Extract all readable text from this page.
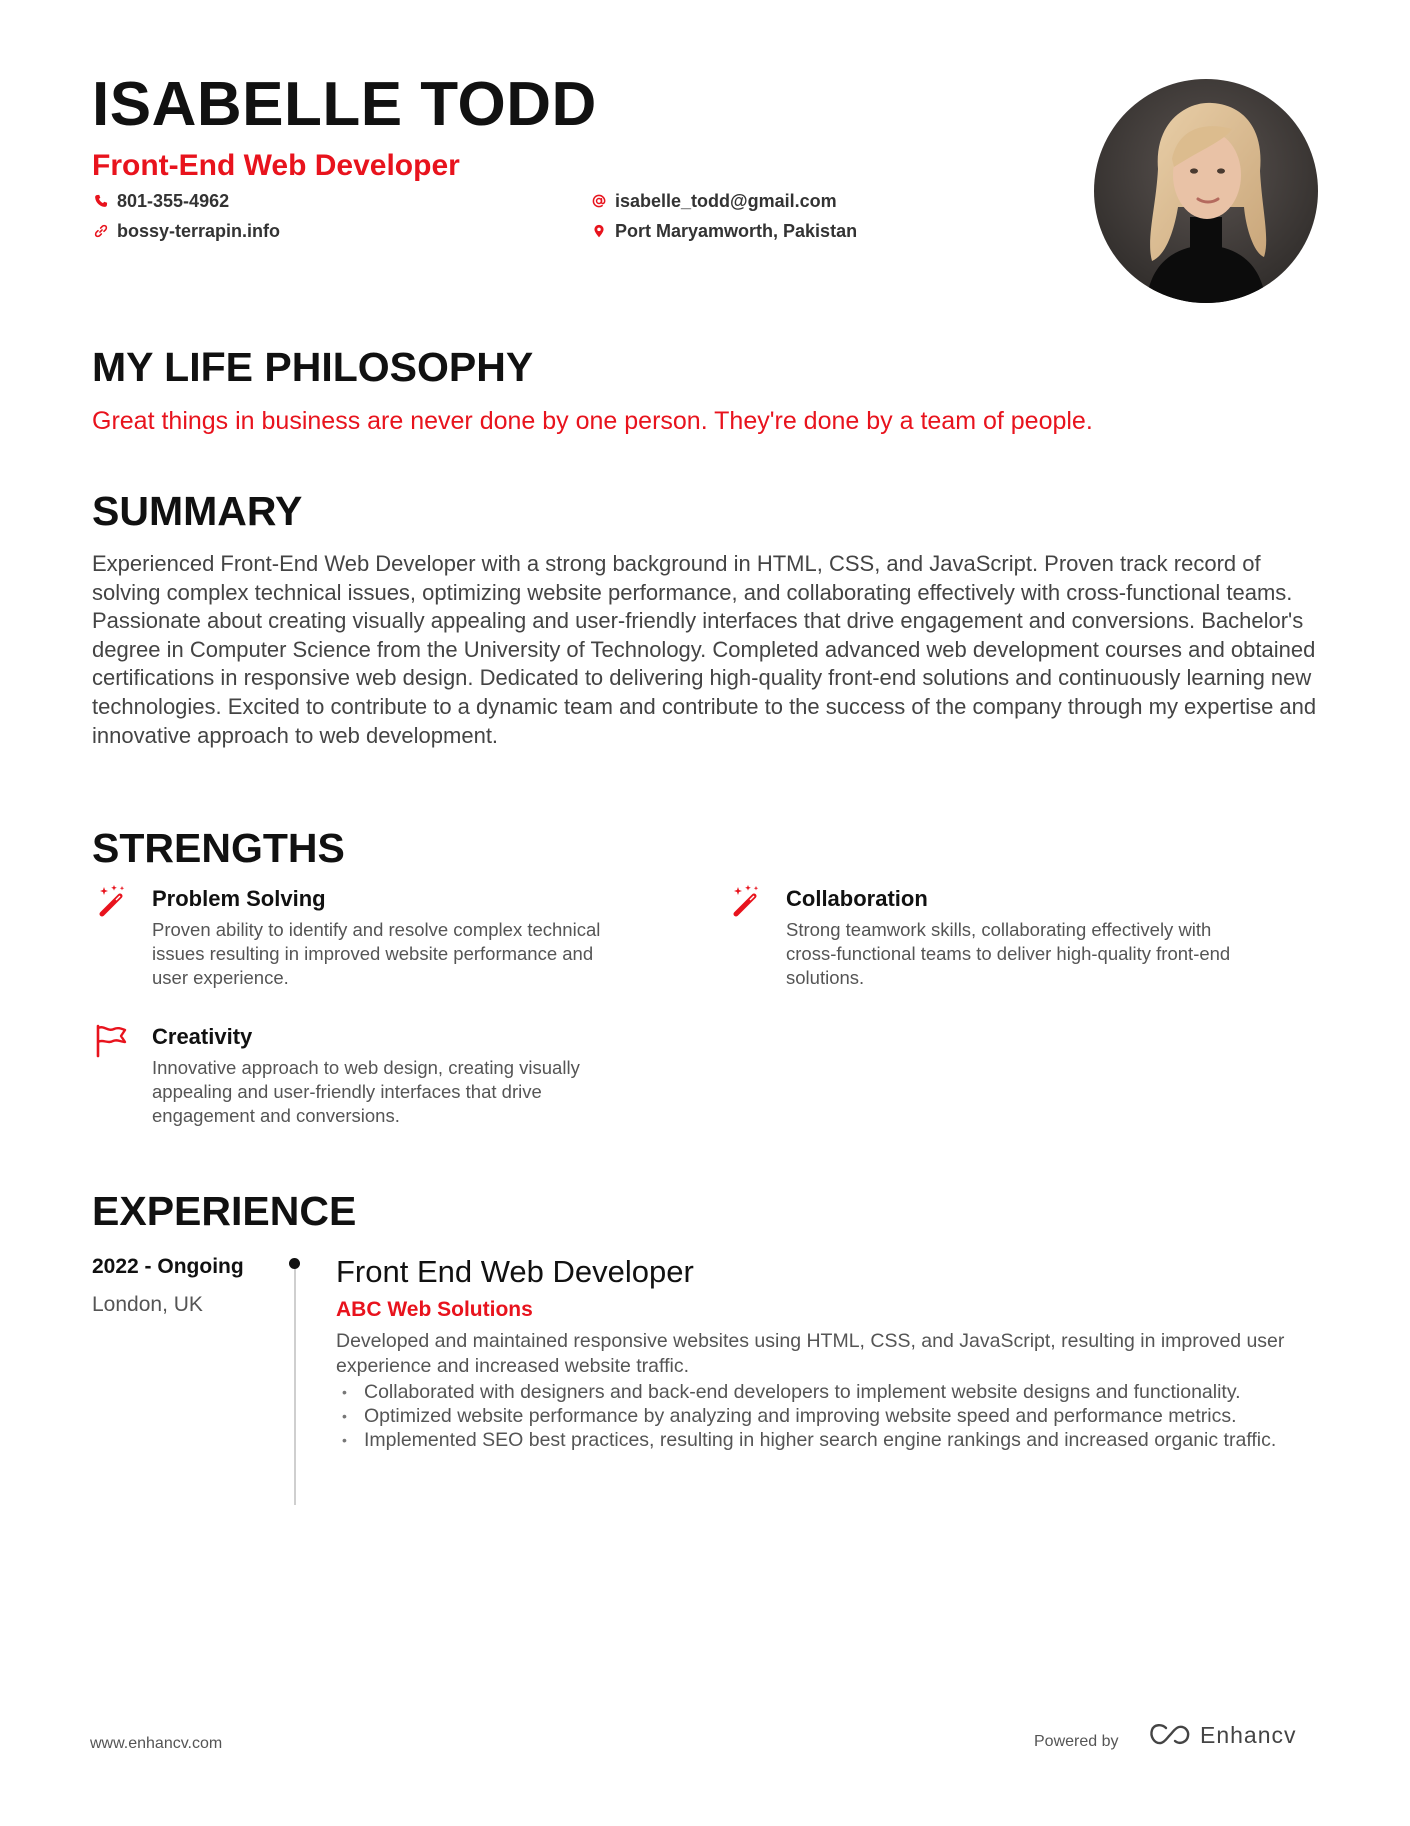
ISABELLE TODD
Front-End Web Developer
801-355-4962
bossy-terrapin.info
isabelle_todd@gmail.com
Port Maryamworth, Pakistan
MY LIFE PHILOSOPHY
Great things in business are never done by one person. They're done by a team of people.
SUMMARY
Experienced Front-End Web Developer with a strong background in HTML, CSS, and JavaScript. Proven track record of solving complex technical issues, optimizing website performance, and collaborating effectively with cross-functional teams. Passionate about creating visually appealing and user-friendly interfaces that drive engagement and conversions. Bachelor's degree in Computer Science from the University of Technology. Completed advanced web development courses and obtained certifications in responsive web design. Dedicated to delivering high-quality front-end solutions and continuously learning new technologies. Excited to contribute to a dynamic team and contribute to the success of the company through my expertise and innovative approach to web development.
STRENGTHS
Problem Solving
Proven ability to identify and resolve complex technical issues resulting in improved website performance and user experience.
Collaboration
Strong teamwork skills, collaborating effectively with cross-functional teams to deliver high-quality front-end solutions.
Creativity
Innovative approach to web design, creating visually appealing and user-friendly interfaces that drive engagement and conversions.
EXPERIENCE
2022 - Ongoing
London, UK
Front End Web Developer
ABC Web Solutions
Developed and maintained responsive websites using HTML, CSS, and JavaScript, resulting in improved user experience and increased website traffic.
• Collaborated with designers and back-end developers to implement website designs and functionality.
• Optimized website performance by analyzing and improving website speed and performance metrics.
• Implemented SEO best practices, resulting in higher search engine rankings and increased organic traffic.
www.enhancv.com	Powered by	Enhancv
